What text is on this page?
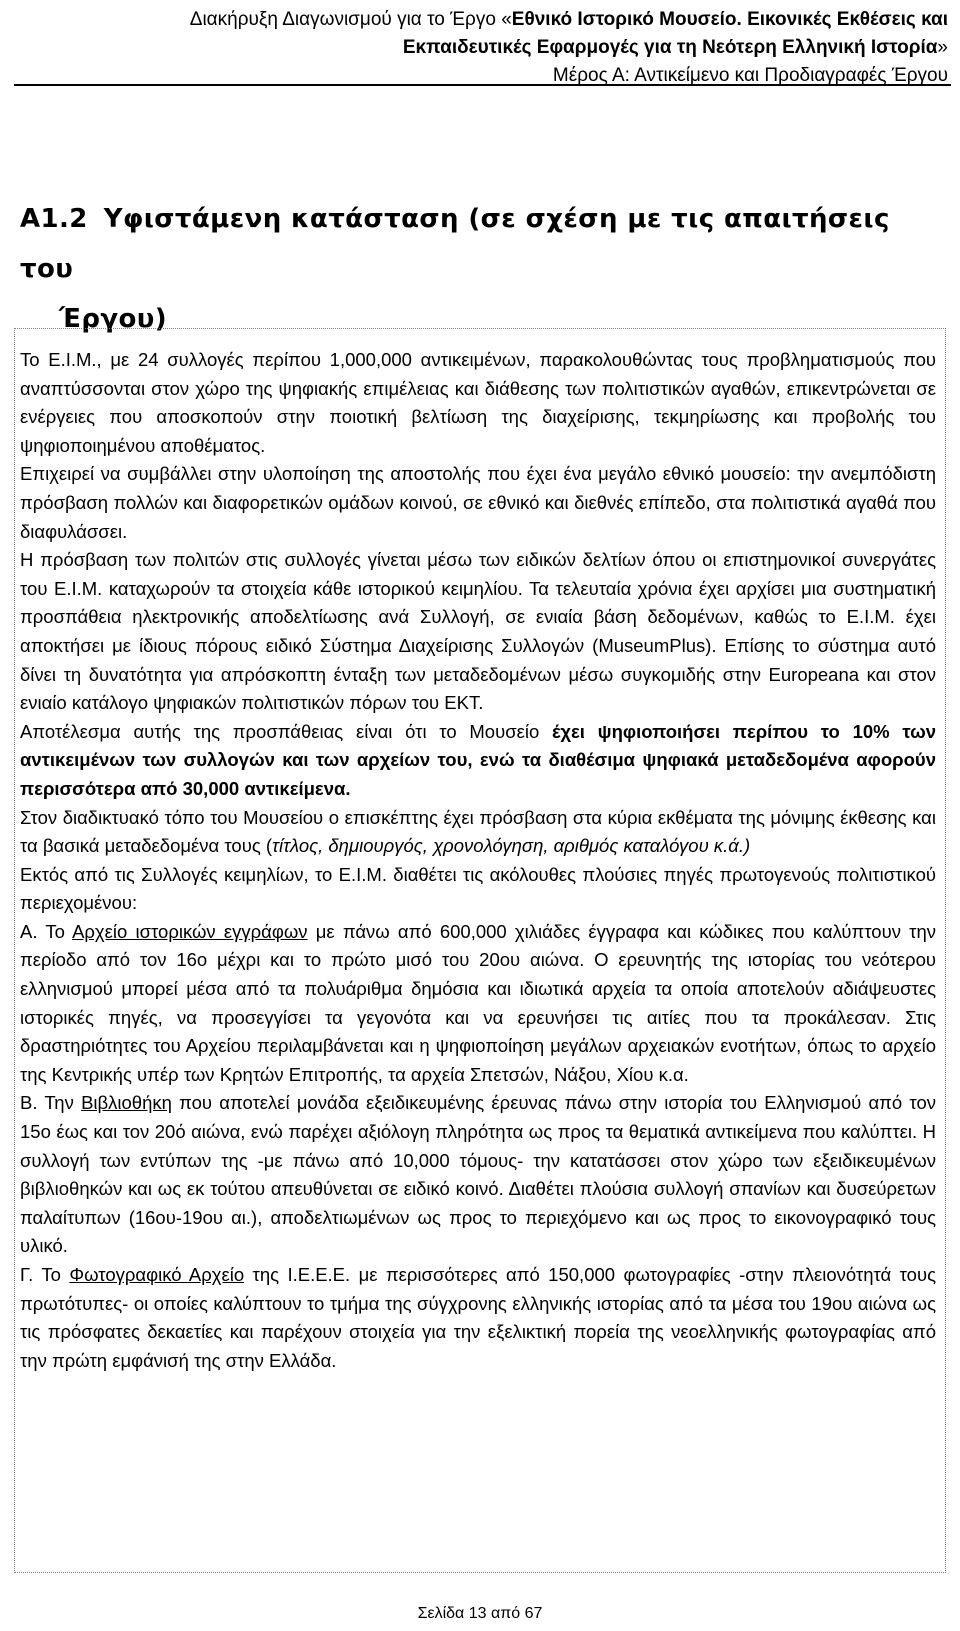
Διακήρυξη Διαγωνισμού για το Έργο «Εθνικό Ιστορικό Μουσείο. Εικονικές Εκθέσεις και
Εκπαιδευτικές Εφαρμογές για τη Νεότερη Ελληνική Ιστορία»
Μέρος Α: Αντικείμενο και Προδιαγραφές Έργου
Α1.2 Υφιστάμενη κατάσταση (σε σχέση με τις απαιτήσεις του
Έργου)

Το Ε.Ι.Μ., με 24 συλλογές περίπου 1,000,000 αντικειμένων, παρακολουθώντας τους προβληματισμούς που αναπτύσσονται στον χώρο της ψηφιακής επιμέλειας και διάθεσης των πολιτιστικών αγαθών, επικεντρώνεται σε ενέργειες που αποσκοπούν στην ποιοτική βελτίωση της διαχείρισης, τεκμηρίωσης και προβολής του ψηφιοποιημένου αποθέματος.

Επιχειρεί να συμβάλλει στην υλοποίηση της αποστολής που έχει ένα μεγάλο εθνικό μουσείο: την ανεμπόδιστη πρόσβαση πολλών και διαφορετικών ομάδων κοινού, σε εθνικό και διεθνές επίπεδο, στα πολιτιστικά αγαθά που διαφυλάσσει.

Η πρόσβαση των πολιτών στις συλλογές γίνεται μέσω των ειδικών δελτίων όπου οι επιστημονικοί συνεργάτες του Ε.Ι.Μ. καταχωρούν τα στοιχεία κάθε ιστορικού κειμηλίου. Τα τελευταία χρόνια έχει αρχίσει μια συστηματική προσπάθεια ηλεκτρονικής αποδελτίωσης ανά Συλλογή, σε ενιαία βάση δεδομένων, καθώς το Ε.Ι.Μ. έχει αποκτήσει με ίδιους πόρους ειδικό Σύστημα Διαχείρισης Συλλογών (MuseumPlus). Επίσης το σύστημα αυτό δίνει τη δυνατότητα για απρόσκοπτη ένταξη των μεταδεδομένων μέσω συγκομιδής στην Europeana και στον ενιαίο κατάλογο ψηφιακών πολιτιστικών πόρων του ΕΚΤ.

Αποτέλεσμα αυτής της προσπάθειας είναι ότι το Μουσείο έχει ψηφιοποιήσει περίπου το 10% των αντικειμένων των συλλογών και των αρχείων του, ενώ τα διαθέσιμα ψηφιακά μεταδεδομένα αφορούν περισσότερα από 30,000 αντικείμενα.

Στον διαδικτυακό τόπο του Μουσείου ο επισκέπτης έχει πρόσβαση στα κύρια εκθέματα της μόνιμης έκθεσης και τα βασικά μεταδεδομένα τους (τίτλος, δημιουργός, χρονολόγηση, αριθμός καταλόγου κ.ά.)

Εκτός από τις Συλλογές κειμηλίων, το Ε.Ι.Μ. διαθέτει τις ακόλουθες πλούσιες πηγές πρωτογενούς πολιτιστικού περιεχομένου:

Α. Το Αρχείο ιστορικών εγγράφων με πάνω από 600,000 χιλιάδες έγγραφα και κώδικες που καλύπτουν την περίοδο από τον 16ο μέχρι και το πρώτο μισό του 20ου αιώνα. Ο ερευνητής της ιστορίας του νεότερου ελληνισμού μπορεί μέσα από τα πολυάριθμα δημόσια και ιδιωτικά αρχεία τα οποία αποτελούν αδιάψευστες ιστορικές πηγές, να προσεγγίσει τα γεγονότα και να ερευνήσει τις αιτίες που τα προκάλεσαν. Στις δραστηριότητες του Αρχείου περιλαμβάνεται και η ψηφιοποίηση μεγάλων αρχειακών ενοτήτων, όπως το αρχείο της Κεντρικής υπέρ των Κρητών Επιτροπής, τα αρχεία Σπετσών, Νάξου, Χίου κ.α.

Β. Την Βιβλιοθήκη που αποτελεί μονάδα εξειδικευμένης έρευνας πάνω στην ιστορία του Ελληνισμού από τον 15ο έως και τον 20ό αιώνα, ενώ παρέχει αξιόλογη πληρότητα ως προς τα θεματικά αντικείμενα που καλύπτει. Η συλλογή των εντύπων της -με πάνω από 10,000 τόμους- την κατατάσσει στον χώρο των εξειδικευμένων βιβλιοθηκών και ως εκ τούτου απευθύνεται σε ειδικό κοινό. Διαθέτει πλούσια συλλογή σπανίων και δυσεύρετων παλαίτυπων (16ου-19ου αι.), αποδελτιωμένων ως προς το περιεχόμενο και ως προς το εικονογραφικό τους υλικό.

Γ. Το Φωτογραφικό Αρχείο της Ι.Ε.Ε.Ε. με περισσότερες από 150,000 φωτογραφίες -στην πλειονότητά τους πρωτότυπες- οι οποίες καλύπτουν το τμήμα της σύγχρονης ελληνικής ιστορίας από τα μέσα του 19ου αιώνα ως τις πρόσφατες δεκαετίες και παρέχουν στοιχεία για την εξελικτική πορεία της νεοελληνικής φωτογραφίας από την πρώτη εμφάνισή της στην Ελλάδα.

Σελίδα 13 από 67
